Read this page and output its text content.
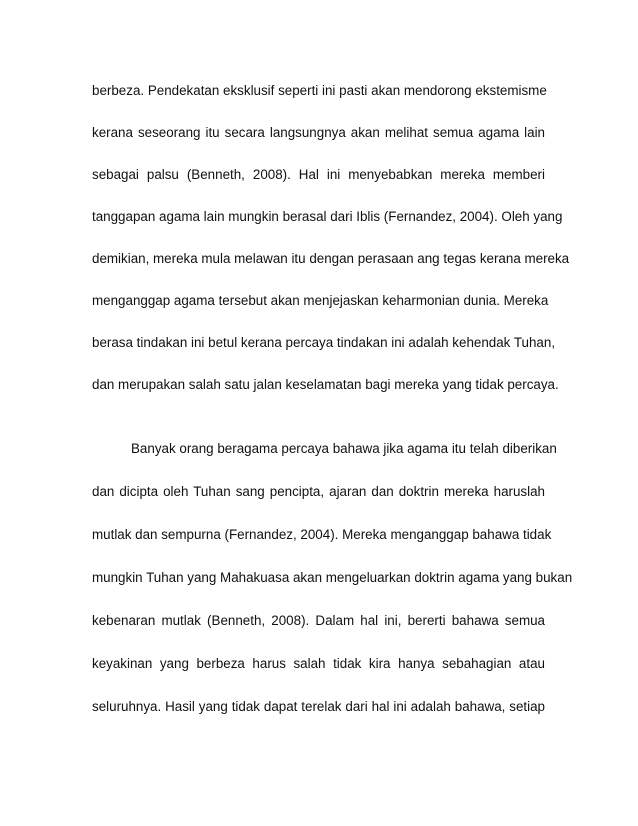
berbeza. Pendekatan eksklusif seperti ini pasti akan mendorong ekstemisme
kerana seseorang itu secara langsungnya akan melihat semua agama lain
sebagai palsu (Benneth, 2008). Hal ini menyebabkan mereka memberi
tanggapan agama lain mungkin berasal dari Iblis (Fernandez, 2004). Oleh yang
demikian, mereka mula melawan itu dengan perasaan ang tegas kerana mereka
menganggap agama tersebut akan menjejaskan keharmonian dunia. Mereka
berasa tindakan ini betul kerana percaya tindakan ini adalah kehendak Tuhan,
dan merupakan salah satu jalan keselamatan bagi mereka yang tidak percaya.
Banyak orang beragama percaya bahawa jika agama itu telah diberikan
dan dicipta oleh Tuhan sang pencipta, ajaran dan doktrin mereka haruslah
mutlak dan sempurna (Fernandez, 2004). Mereka menganggap bahawa tidak
mungkin Tuhan yang Mahakuasa akan mengeluarkan doktrin agama yang bukan
kebenaran mutlak (Benneth, 2008). Dalam hal ini, bererti bahawa semua
keyakinan yang berbeza harus salah tidak kira hanya sebahagian atau
seluruhnya. Hasil yang tidak dapat terelak dari hal ini adalah bahawa, setiap
